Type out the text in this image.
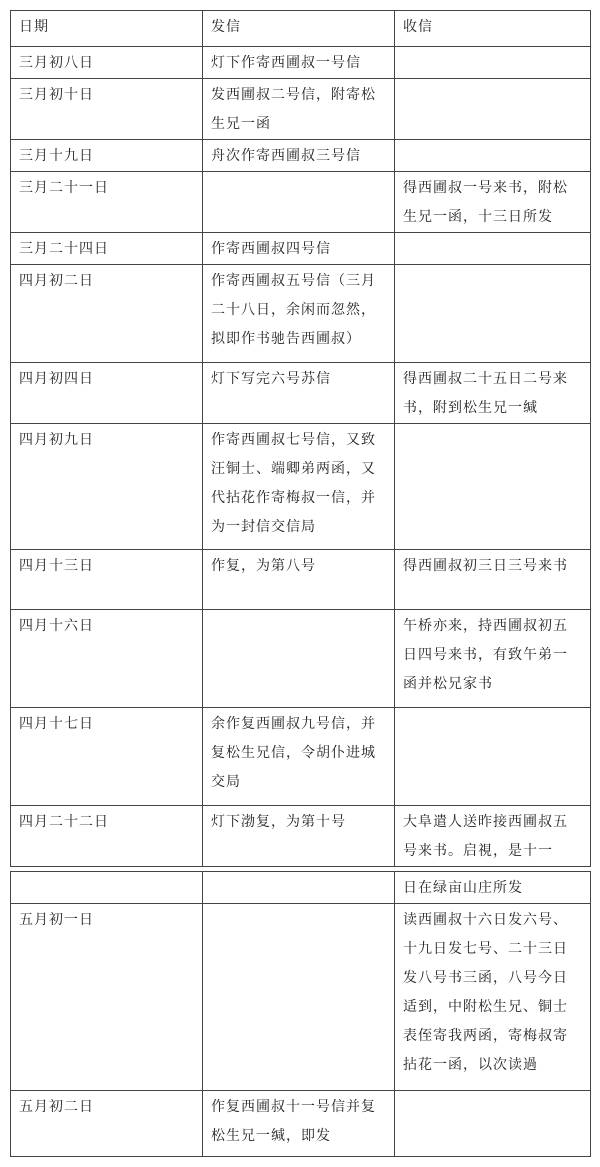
日期	发信	收信
三月初八日	灯下作寄西圃叔一号信	
三月初十日	发西圃叔二号信，附寄松生兄一函	
三月十九日	舟次作寄西圃叔三号信	
三月二十一日		得西圃叔一号来书，附松生兄一函，十三日所发
三月二十四日	作寄西圃叔四号信	
四月初二日	作寄西圃叔五号信（三月二十八日，余闲而忽然，拟即作书驰告西圃叔）	
四月初四日	灯下写完六号苏信	得西圃叔二十五日二号来书，附到松生兄一缄
四月初九日	作寄西圃叔七号信，又致汪铜士、端卿弟两函，又代拈花作寄梅叔一信，并为一封信交信局	
四月十三日	作复，为第八号	得西圃叔初三日三号来书
四月十六日		午桥亦来，持西圃叔初五日四号来书，有致午弟一函并松兄家书
四月十七日	余作复西圃叔九号信，并复松生兄信，令胡仆进城交局	
四月二十二日	灯下渤复，为第十号	大阜遣人送昨接西圃叔五号来书。启視，是十一
		日在绿亩山庄所发
五月初一日		读西圃叔十六日发六号、十九日发七号、二十三日发八号书三函，八号今日适到，中附松生兄、铜士表侄寄我两函，寄梅叔寄拈花一函，以次读過
五月初二日	作复西圃叔十一号信并复松生兄一缄，即发	
